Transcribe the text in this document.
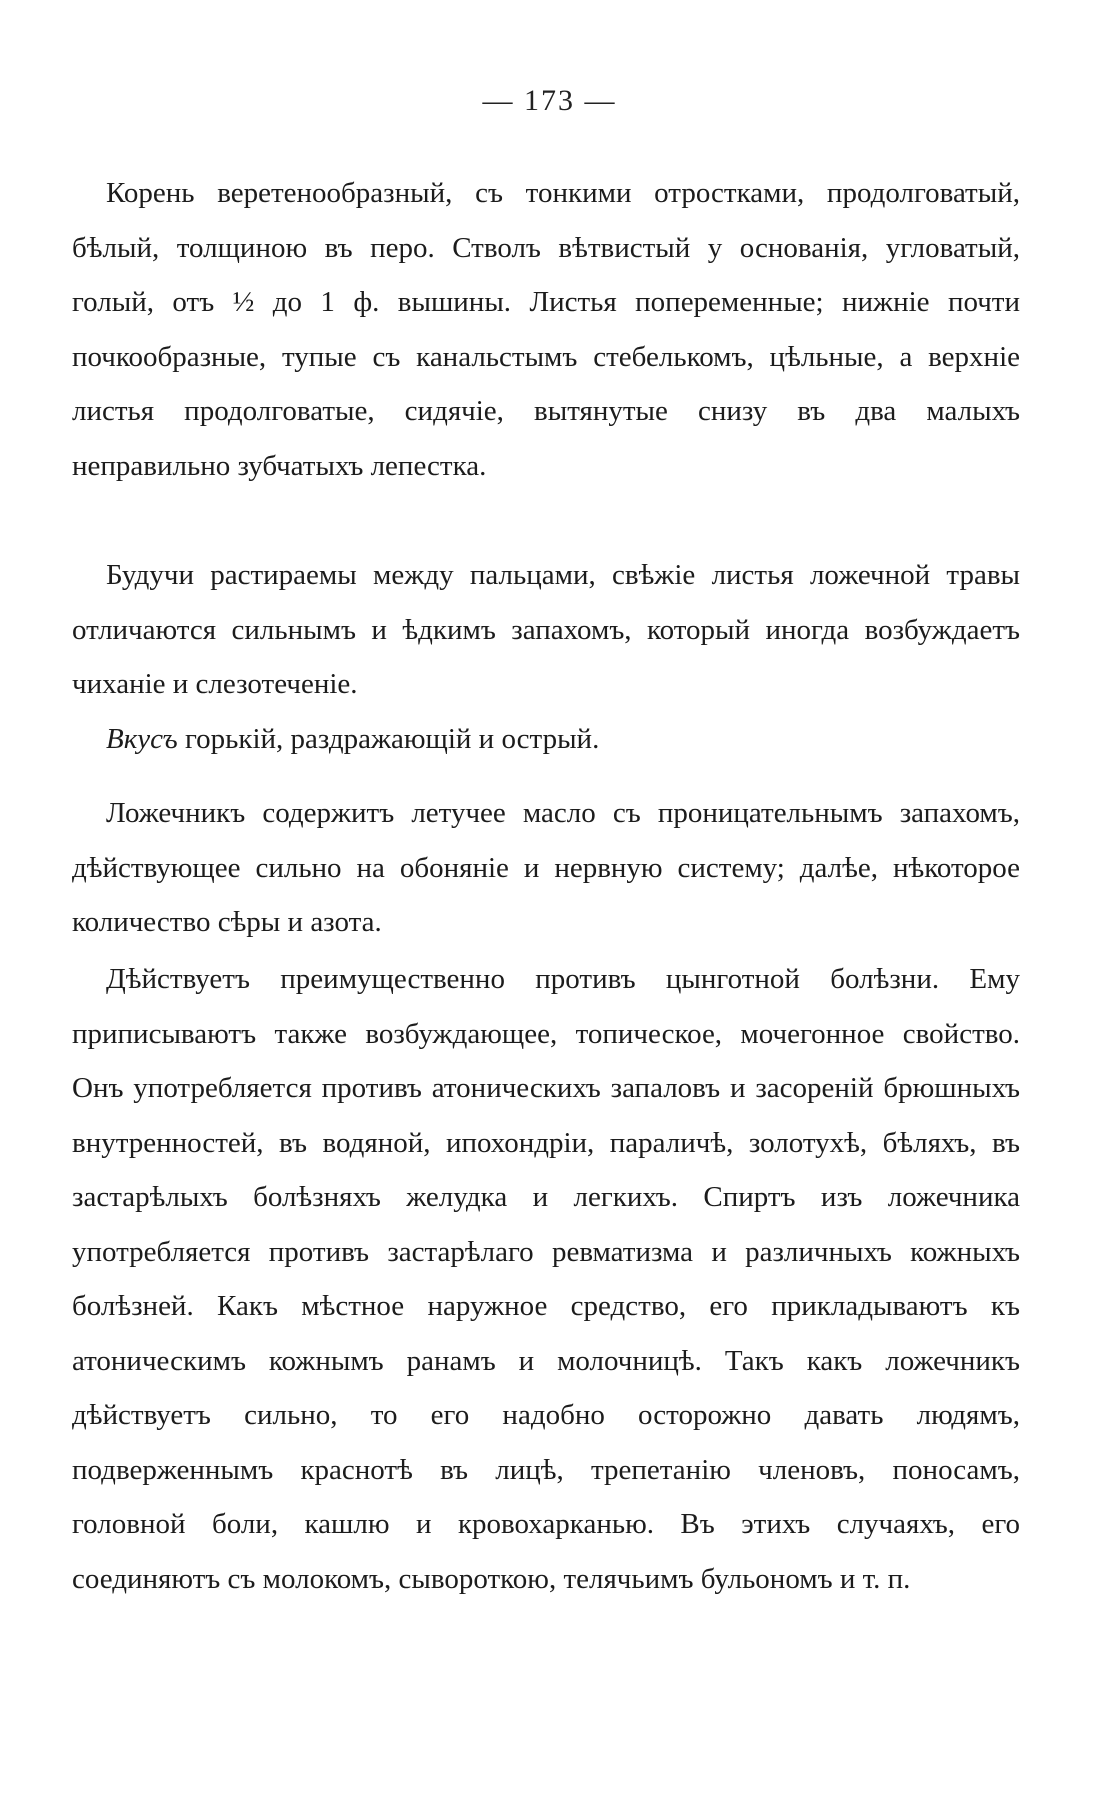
— 173 —
Корень веретенообразный, съ тонкими отростками, продолговатый, бѣлый, толщиною въ перо. Стволъ вѣтвистый у основанія, угловатый, голый, отъ ½ до 1 ф. вышины. Листья попеременные; нижніе почти почкообразные, тупые съ канальстымъ стебелькомъ, цѣльные, а верхніе листья продолговатые, сидячіе, вытянутые снизу въ два малыхъ неправильно зубчатыхъ лепестка.
Будучи растираемы между пальцами, свѣжіе листья ложечной травы отличаются сильнымъ и ѣдкимъ запахомъ, который иногда возбуждаетъ чиханіе и слезотеченіе.
Вкусъ горькій, раздражающій и острый.
Ложечникъ содержитъ летучее масло съ проницательнымъ запахомъ, дѣйствующее сильно на обоняніе и нервную систему; далѣе, нѣкоторое количество сѣры и азота.
Дѣйствуетъ преимущественно противъ цынготной болѣзни. Ему приписываютъ также возбуждающее, топическое, мочегонное свойство. Онъ употребляется противъ атоническихъ запаловъ и засореній брюшныхъ внутренностей, въ водяной, ипохондріи, параличѣ, золотухѣ, бѣляхъ, въ застарѣлыхъ болѣзняхъ желудка и легкихъ. Спиртъ изъ ложечника употребляется противъ застарѣлаго ревматизма и различныхъ кожныхъ болѣзней. Какъ мѣстное наружное средство, его прикладываютъ къ атоническимъ кожнымъ ранамъ и молочницѣ. Такъ какъ ложечникъ дѣйствуетъ сильно, то его надобно осторожно давать людямъ, подверженнымъ краснотѣ въ лицѣ, трепетанію членовъ, поносамъ, головной боли, кашлю и кровохарканью. Въ этихъ случаяхъ, его соединяютъ съ молокомъ, сывороткою, телячьимъ бульономъ и т. п.
